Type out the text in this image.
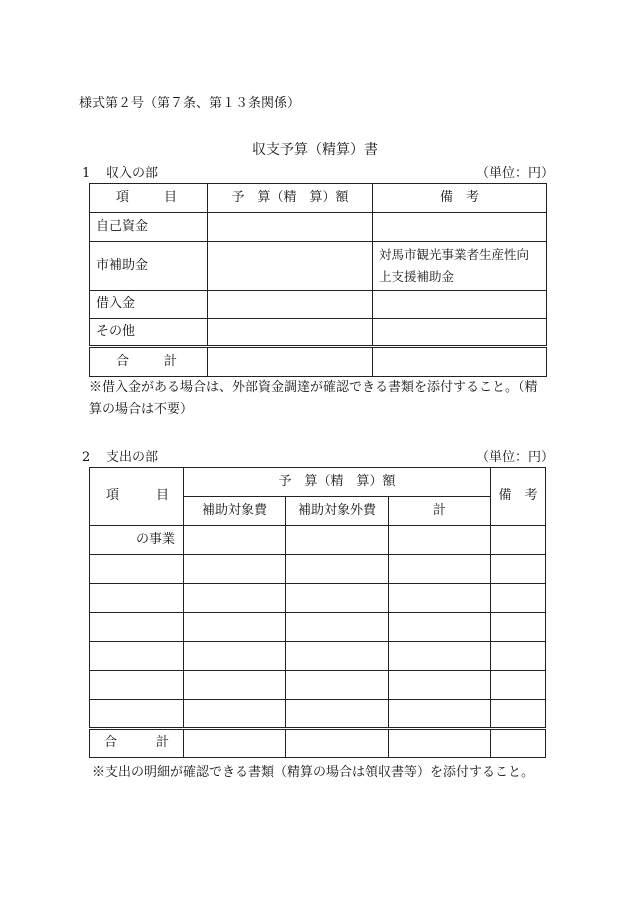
様式第２号（第７条、第１３条関係）
収支予算（精算）書
1 収入の部	（単位：円）
項 目	予　算（精　算）額	備　考
自己資金		
市補助金		対馬市観光事業者生産性向
上支援補助金

借入金		
その他		

合 計		

※借入金がある場合は、外部資金調達が確認できる書類を添付すること。（精
算の場合は不要）
2 支出の部	（単位：円）
項 目	予　算（精　算）額			備　考
	補助対象費	補助対象外費	計	
の事業				

合 計				

※支出の明細が確認できる書類（精算の場合は領収書等）を添付すること。
